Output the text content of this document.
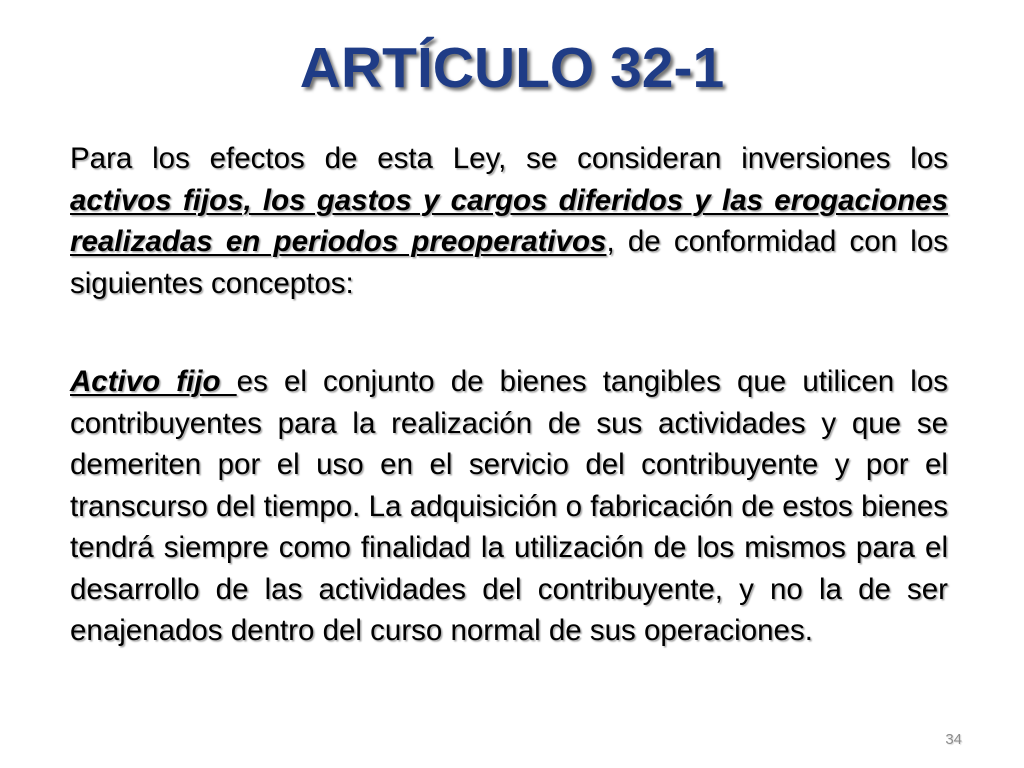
ARTÍCULO 32-1

Para los efectos de esta Ley, se consideran inversiones los activos fijos, los gastos y cargos diferidos y las erogaciones realizadas en periodos preoperativos, de conformidad con los siguientes conceptos:

Activo fijo es el conjunto de bienes tangibles que utilicen los contribuyentes para la realización de sus actividades y que se demeriten por el uso en el servicio del contribuyente y por el transcurso del tiempo. La adquisición o fabricación de estos bienes tendrá siempre como finalidad la utilización de los mismos para el desarrollo de las actividades del contribuyente, y no la de ser enajenados dentro del curso normal de sus operaciones.

34
